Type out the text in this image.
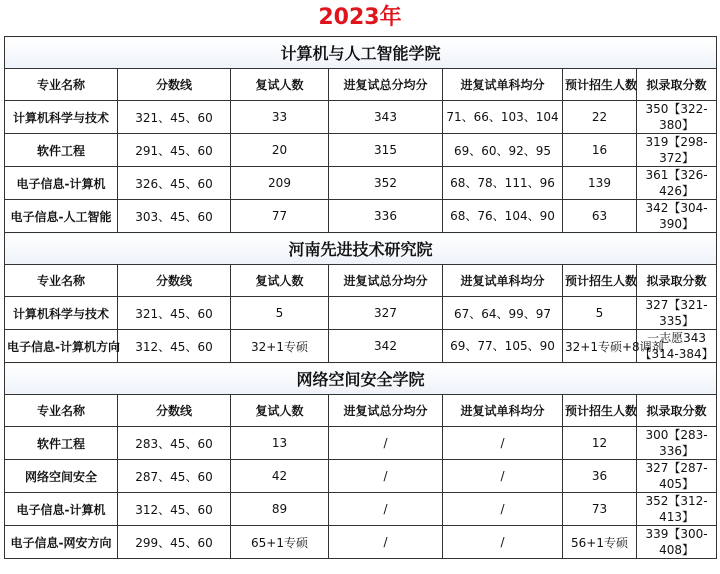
2023年
计算机与人工智能学院						
专业名称	分数线	复试人数	进复试总分均分	进复试单科均分	预计招生人数	拟录取分数
计算机科学与技术	321、45、60	33	343	71、66、103、104	22	350【322-380】
软件工程	291、45、60	20	315	69、60、92、95	16	319【298-372】
电子信息-计算机	326、45、60	209	352	68、78、111、96	139	361【326-426】
电子信息-人工智能	303、45、60	77	336	68、76、104、90	63	342【304-390】
河南先进技术研究院						
专业名称	分数线	复试人数	进复试总分均分	进复试单科均分	预计招生人数	拟录取分数
计算机科学与技术	321、45、60	5	327	67、64、99、97	5	327【321-335】
电子信息-计算机方向	312、45、60	32+1专硕	342	69、77、105、90	32+1专硕+8调剂	一志愿343【314-384】
网络空间安全学院						
专业名称	分数线	复试人数	进复试总分均分	进复试单科均分	预计招生人数	拟录取分数
软件工程	283、45、60	13	/	/	12	300【283-336】
网络空间安全	287、45、60	42	/	/	36	327【287-405】
电子信息-计算机	312、45、60	89	/	/	73	352【312-413】
电子信息-网安方向	299、45、60	65+1专硕	/	/	56+1专硕	339【300-408】
